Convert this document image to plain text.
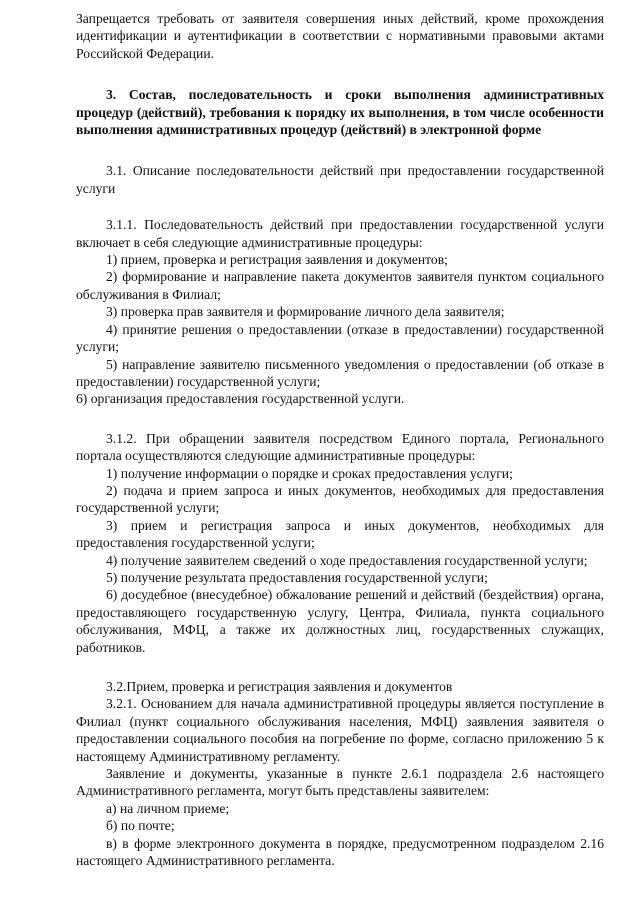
Запрещается требовать от заявителя совершения иных действий, кроме прохождения идентификации и аутентификации в соответствии с нормативными правовыми актами Российской Федерации.

3. Состав, последовательность и сроки выполнения административных процедур (действий), требования к порядку их выполнения, в том числе особенности выполнения административных процедур (действий) в электронной форме

3.1. Описание последовательности действий при предоставлении государственной услуги

3.1.1. Последовательность действий при предоставлении государственной услуги включает в себя следующие административные процедуры:

1) прием, проверка и регистрация заявления и документов;

2) формирование и направление пакета документов заявителя пунктом социального обслуживания в Филиал;

3) проверка прав заявителя и формирование личного дела заявителя;

4) принятие решения о предоставлении (отказе в предоставлении) государственной услуги;

5) направление заявителю письменного уведомления о предоставлении (об отказе в предоставлении) государственной услуги;

6) организация предоставления государственной услуги.

3.1.2. При обращении заявителя посредством Единого портала, Регионального портала осуществляются следующие административные процедуры:

1) получение информации о порядке и сроках предоставления услуги;

2) подача и прием запроса и иных документов, необходимых для предоставления государственной услуги;

3) прием и регистрация запроса и иных документов, необходимых для предоставления государственной услуги;

4) получение заявителем сведений о ходе предоставления государственной услуги;

5) получение результата предоставления государственной услуги;

6) досудебное (внесудебное) обжалование решений и действий (бездействия) органа, предоставляющего государственную услугу, Центра, Филиала, пункта социального обслуживания, МФЦ, а также их должностных лиц, государственных служащих, работников.

3.2.Прием, проверка и регистрация заявления и документов

3.2.1. Основанием для начала административной процедуры является поступление в Филиал (пункт социального обслуживания населения, МФЦ) заявления заявителя о предоставлении социального пособия на погребение по форме, согласно приложению 5 к настоящему Административному регламенту.

Заявление и документы, указанные в пункте 2.6.1 подраздела 2.6 настоящего Административного регламента, могут быть представлены заявителем:

а) на личном приеме;

б) по почте;

в) в форме электронного документа в порядке, предусмотренном подразделом 2.16 настоящего Административного регламента.
